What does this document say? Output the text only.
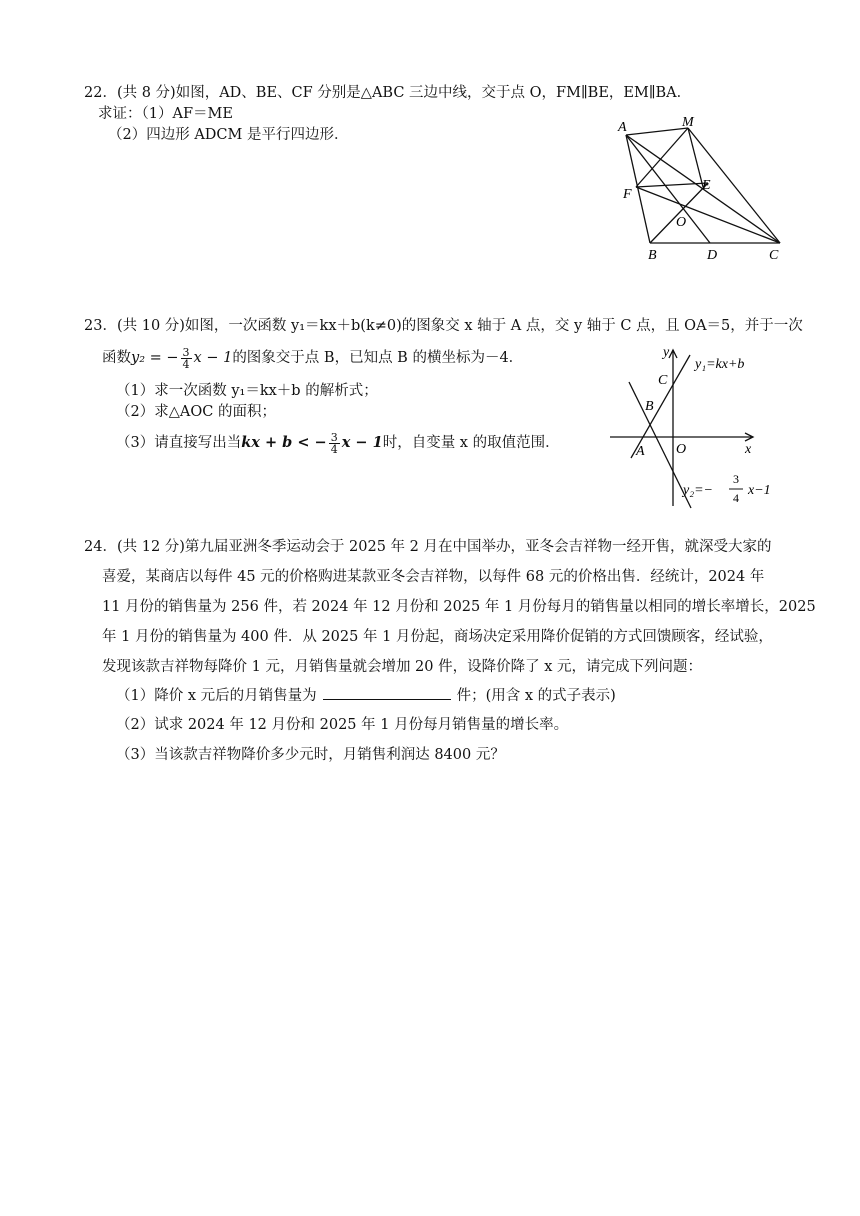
22．(共 8 分)如图，AD、BE、CF 分别是△ABC 三边中线，交于点 O，FM∥BE，EM∥BA．
求证：（1）AF＝ME
（2）四边形 ADCM 是平行四边形．	A	M
F
E
O
B	D	C
23．(共 10 分)如图，一次函数 y₁＝kx＋b(k≠0)的图象交 x 轴于 A 点，交 y 轴于 C 点，且 OA＝5，并于一次
函数y₂ = − $\frac{3}{4}$ x − 1的图象交于点 B，已知点 B 的横坐标为－4．
（1）求一次函数 y₁＝kx＋b 的解析式；
（2）求△AOC 的面积；
（3）请直接写出当kx + b < − $\frac{3}{4}$ x − 1时，自变量 x 的取值范围．
y
x
y₁=kx+b
C
B
A O
y₂=−
3
4 x−1
24．(共 12 分)第九届亚洲冬季运动会于 2025 年 2 月在中国举办，亚冬会吉祥物一经开售，就深受大家的
喜爱，某商店以每件 45 元的价格购进某款亚冬会吉祥物，以每件 68 元的价格出售．经统计，2024 年
11 月份的销售量为 256 件，若 2024 年 12 月份和 2025 年 1 月份每月的销售量以相同的增长率增长，2025
年 1 月份的销售量为 400 件．从 2025 年 1 月份起，商场决定采用降价促销的方式回馈顾客，经试验，
发现该款吉祥物每降价 1 元，月销售量就会增加 20 件，设降价降了 x 元，请完成下列问题：
（1）降价 x 元后的月销售量为	件；(用含 x 的式子表示)
（2）试求 2024 年 12 月份和 2025 年 1 月份每月销售量的增长率。
（3）当该款吉祥物降价多少元时，月销售利润达 8400 元？
